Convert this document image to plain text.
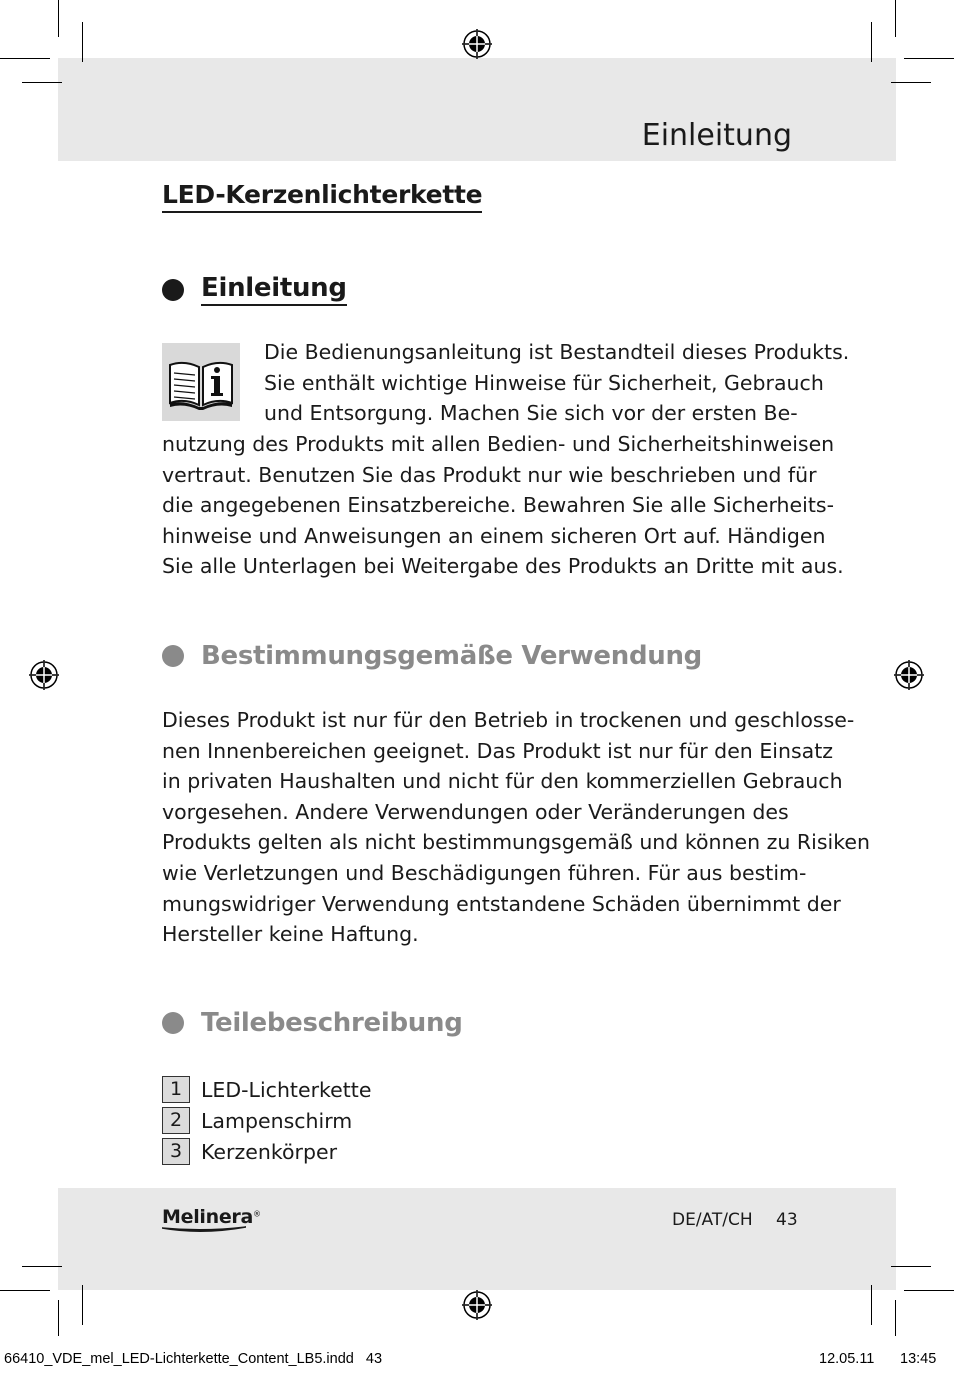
Einleitung
LED-Kerzenlichterkette
Einleitung
Die Bedienungsanleitung ist Bestandteil dieses Produkts.
Sie enthält wichtige Hinweise für Sicherheit, Gebrauch
und Entsorgung. Machen Sie sich vor der ersten Be-
nutzung des Produkts mit allen Bedien- und Sicherheitshinweisen
vertraut. Benutzen Sie das Produkt nur wie beschrieben und für
die angegebenen Einsatzbereiche. Bewahren Sie alle Sicherheits-
hinweise und Anweisungen an einem sicheren Ort auf. Händigen
Sie alle Unterlagen bei Weitergabe des Produkts an Dritte mit aus.
Bestimmungsgemäße Verwendung
Dieses Produkt ist nur für den Betrieb in trockenen und geschlosse-
nen Innenbereichen geeignet. Das Produkt ist nur für den Einsatz
in privaten Haushalten und nicht für den kommerziellen Gebrauch
vorgesehen. Andere Verwendungen oder Veränderungen des
Produkts gelten als nicht bestimmungsgemäß und können zu Risiken
wie Verletzungen und Beschädigungen führen. Für aus bestim-
mungswidriger Verwendung entstandene Schäden übernimmt der
Hersteller keine Haftung.
Teilebeschreibung
1 LED-Lichterkette
2 Lampenschirm
3 Kerzenkörper
Melinera®	DE/AT/CH 43
66410_VDE_mel_LED-Lichterkette_Content_LB5.indd   43	12.05.11 13:45
